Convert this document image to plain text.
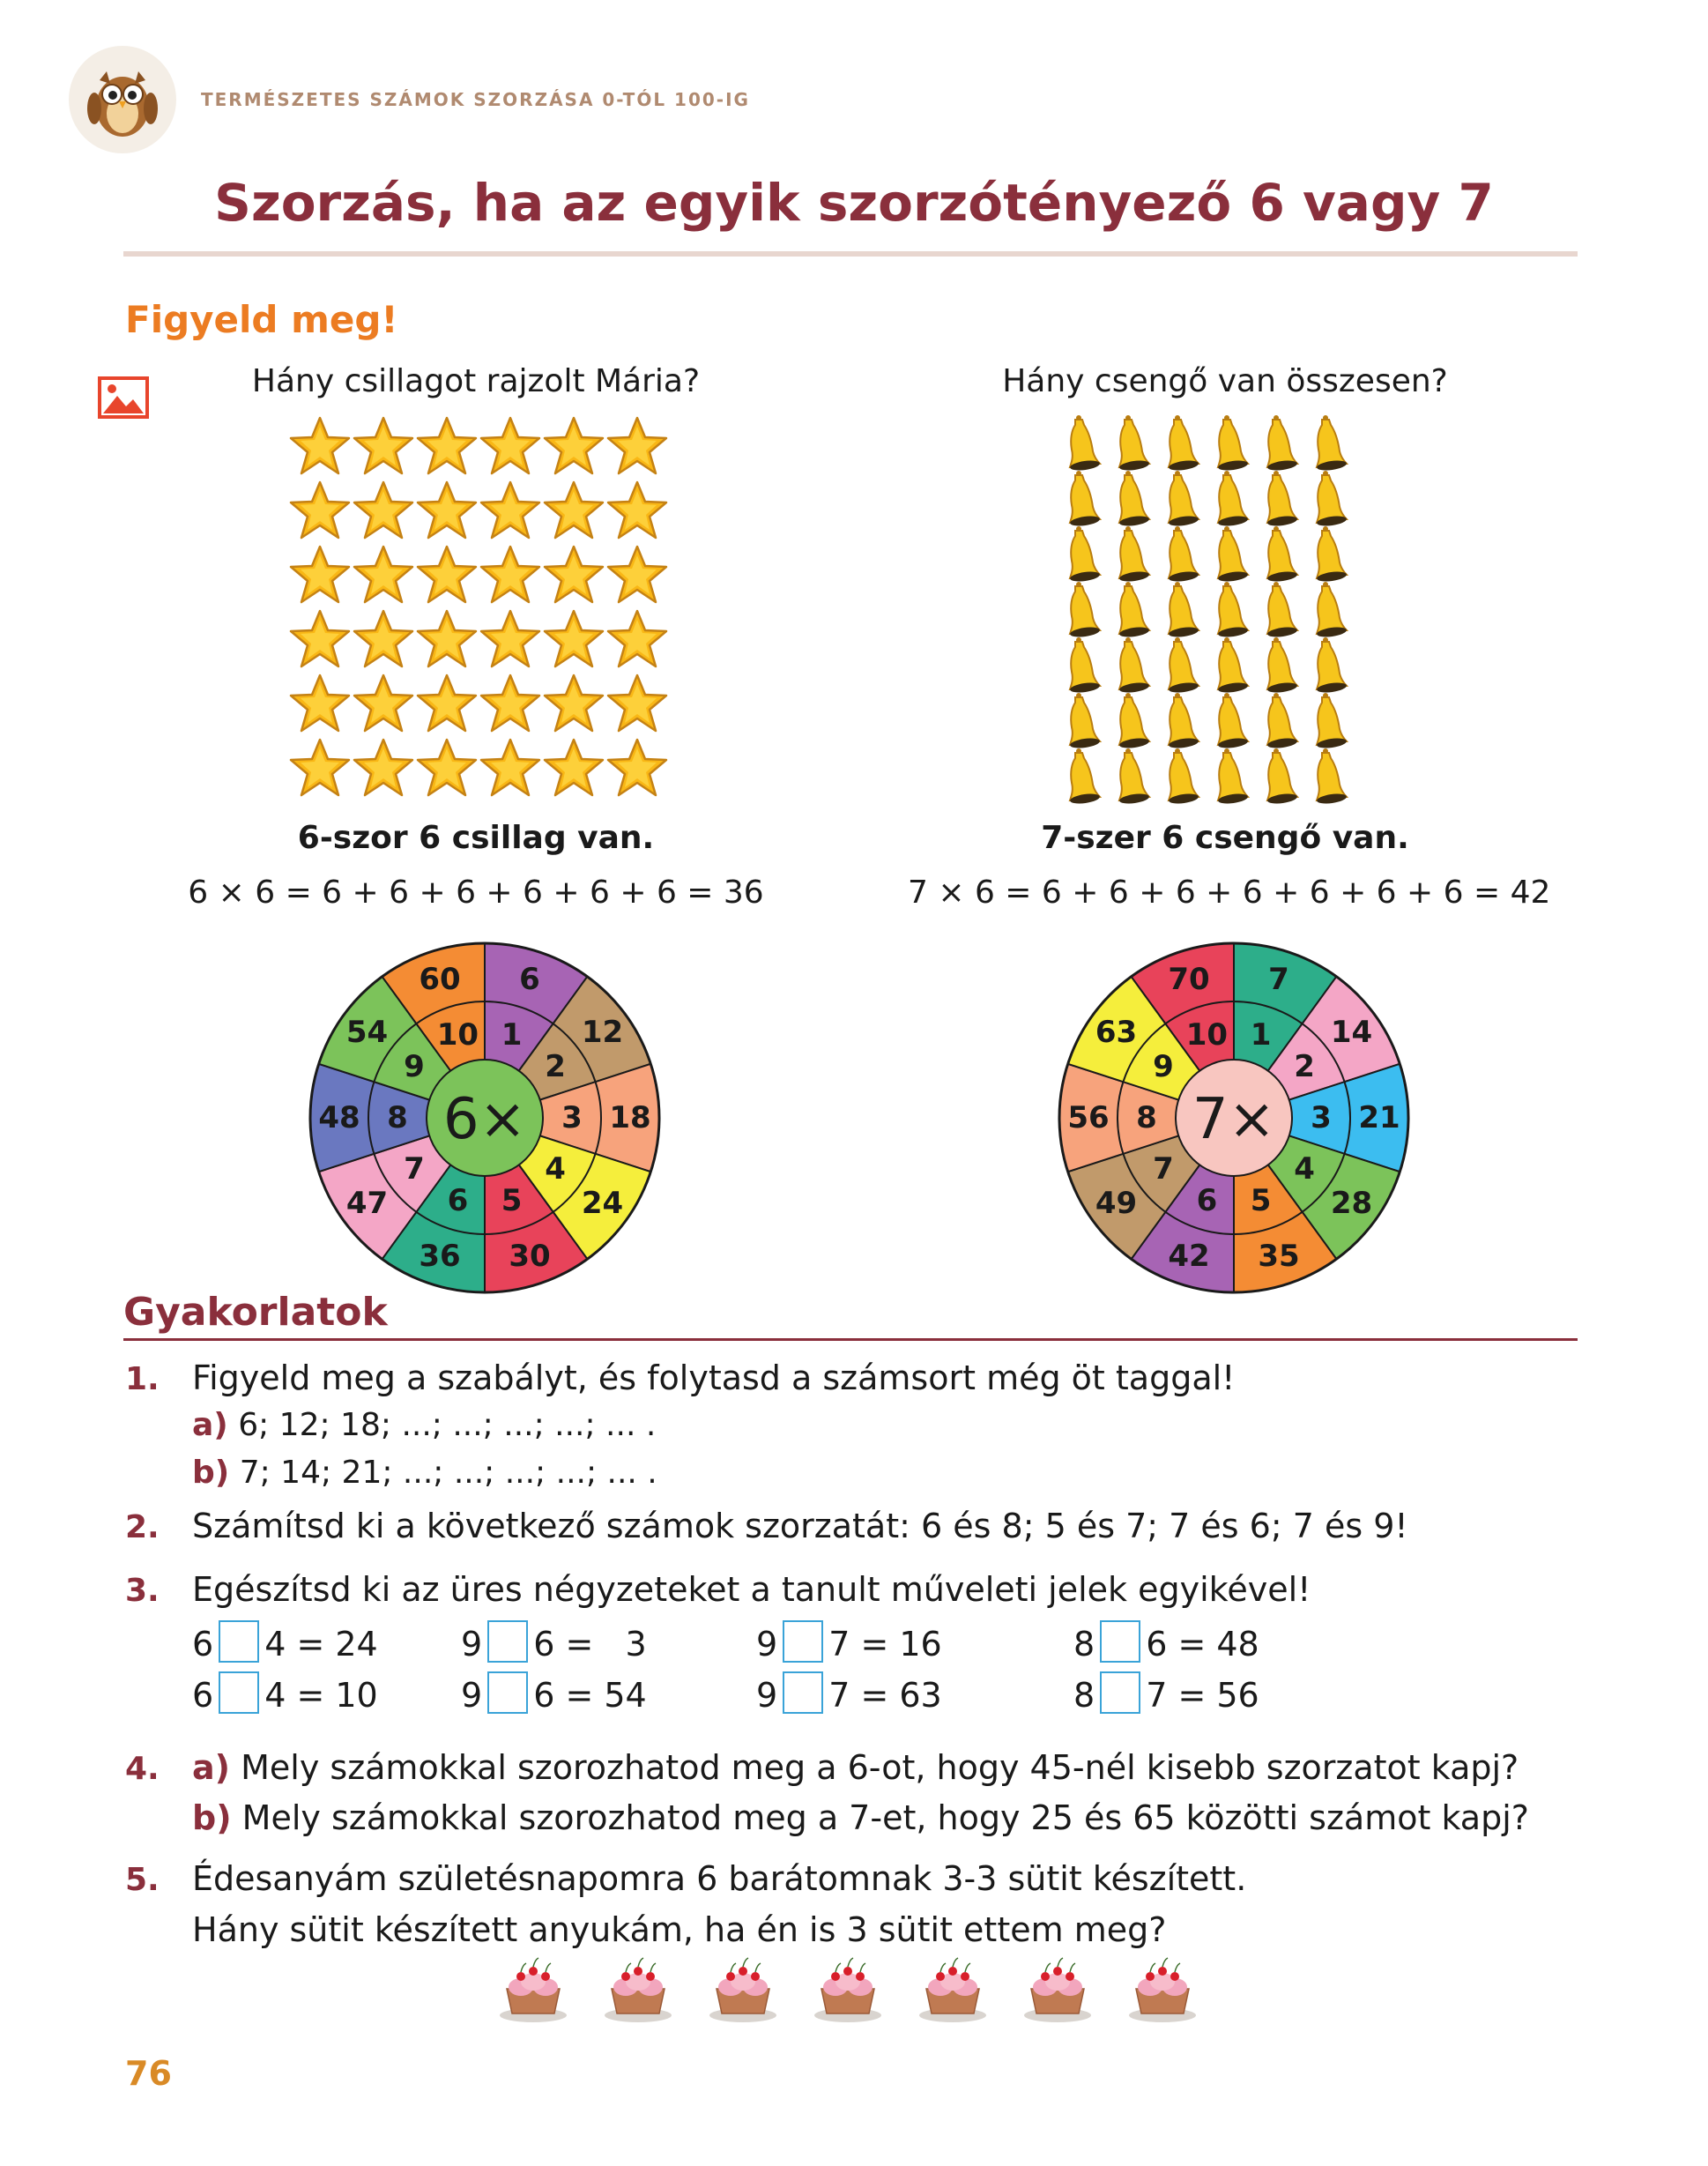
TERMÉSZETES SZÁMOK SZORZÁSA 0-TÓL 100-IG
Szorzás, ha az egyik szorzótényező 6 vagy 7
Figyeld meg!
Hány csillagot rajzolt Mária?	Hány csengő van összesen?
6-szor 6 csillag van.	7-szer 6 csengő van.
6 × 6 = 6 + 6 + 6 + 6 + 6 + 6 = 36	7 × 6 = 6 + 6 + 6 + 6 + 6 + 6 + 6 = 42
6
1 12
2
18
3
24
4
30
5
36
6
47
7
48 8
54
9
60
10
6×
7
1 14
2
21
3
28
4
35
5
42
6
49
7
56 8
63
9
70
10
7×
Gyakorlatok
1. Figyeld meg a szabályt, és folytasd a számsort még öt taggal!
a) 6; 12; 18; ...; ...; ...; ...; ... .
b) 7; 14; 21; ...; ...; ...; ...; ... .
2. Számítsd ki a következő számok szorzatát: 6 és 8; 5 és 7; 7 és 6; 7 és 9!
3. Egészítsd ki az üres négyzeteket a tanult műveleti jelek egyikével!
6 4 = 24 9 6 =   3	9 7 = 16	8 6 = 48
6 4 = 10 9 6 = 54	9 7 = 63	8 7 = 56
4. a) Mely számokkal szorozhatod meg a 6-ot, hogy 45-nél kisebb szorzatot kapj?
b) Mely számokkal szorozhatod meg a 7-et, hogy 25 és 65 közötti számot kapj?
5. Édesanyám születésnapomra 6 barátomnak 3-3 sütit készített.
Hány sütit készített anyukám, ha én is 3 sütit ettem meg?
76
